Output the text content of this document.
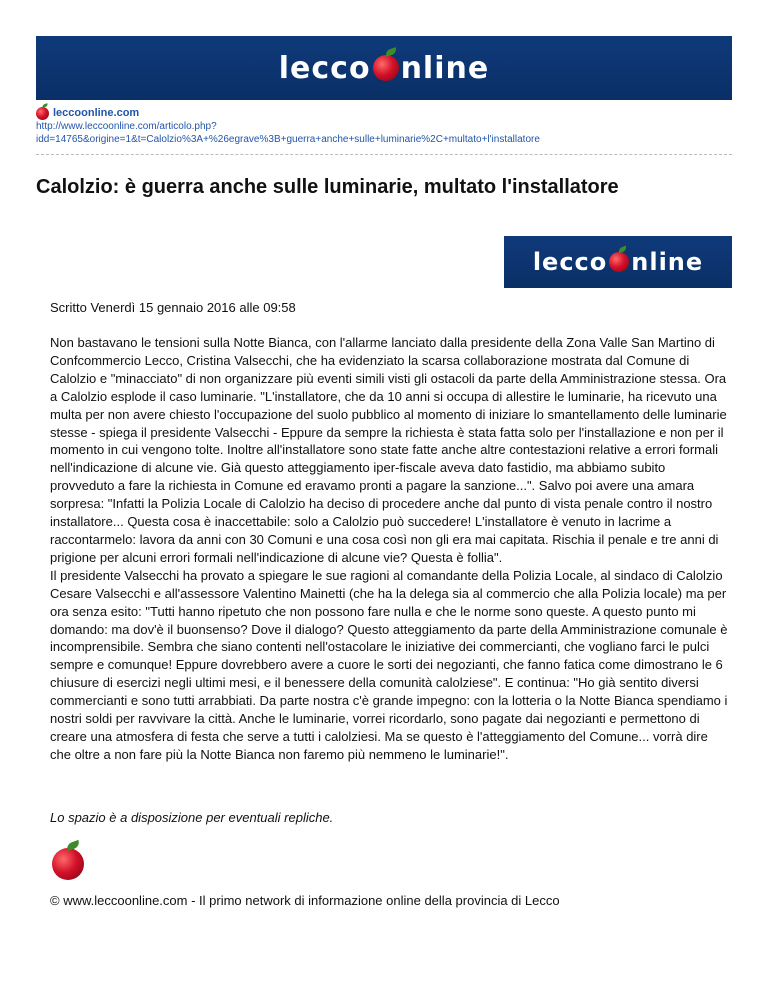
lecco nline
leccoonline.com
http://www.leccoonline.com/articolo.php?
idd=14765&origine=1&t=Calolzio%3A+%26egrave%3B+guerra+anche+sulle+luminarie%2C+multato+l'installatore
Calolzio: è guerra anche sulle luminarie, multato l'installatore
lecco nline
Scritto Venerdì 15 gennaio 2016 alle 09:58

Non bastavano le tensioni sulla Notte Bianca, con l'allarme lanciato dalla presidente della Zona Valle San Martino di Confcommercio Lecco, Cristina Valsecchi, che ha evidenziato la scarsa collaborazione mostrata dal Comune di Calolzio e "minacciato" di non organizzare più eventi simili visti gli ostacoli da parte della Amministrazione stessa. Ora a Calolzio esplode il caso luminarie. "L'installatore, che da 10 anni si occupa di allestire le luminarie, ha ricevuto una multa per non avere chiesto l'occupazione del suolo pubblico al momento di iniziare lo smantellamento delle luminarie stesse - spiega il presidente Valsecchi - Eppure da sempre la richiesta è stata fatta solo per l'installazione e non per il momento in cui vengono tolte. Inoltre all'installatore sono state fatte anche altre contestazioni relative a errori formali nell'indicazione di alcune vie. Già questo atteggiamento iper-fiscale aveva dato fastidio, ma abbiamo subito provveduto a fare la richiesta in Comune ed eravamo pronti a pagare la sanzione...". Salvo poi avere una amara sorpresa: "Infatti la Polizia Locale di Calolzio ha deciso di procedere anche dal punto di vista penale contro il nostro installatore... Questa cosa è inaccettabile: solo a Calolzio può succedere! L'installatore è venuto in lacrime a raccontarmelo: lavora da anni con 30 Comuni e una cosa così non gli era mai capitata. Rischia il penale e tre anni di prigione per alcuni errori formali nell'indicazione di alcune vie? Questa è follia".

Il presidente Valsecchi ha provato a spiegare le sue ragioni al comandante della Polizia Locale, al sindaco di Calolzio Cesare Valsecchi e all'assessore Valentino Mainetti (che ha la delega sia al commercio che alla Polizia locale) ma per ora senza esito: "Tutti hanno ripetuto che non possono fare nulla e che le norme sono queste. A questo punto mi domando: ma dov'è il buonsenso? Dove il dialogo? Questo atteggiamento da parte della Amministrazione comunale è incomprensibile. Sembra che siano contenti nell'ostacolare le iniziative dei commercianti, che vogliano farci le pulci sempre e comunque! Eppure dovrebbero avere a cuore le sorti dei negozianti, che fanno fatica come dimostrano le 6 chiusure di esercizi negli ultimi mesi, e il benessere della comunità calolziese". E continua: "Ho già sentito diversi commercianti e sono tutti arrabbiati. Da parte nostra c'è grande impegno: con la lotteria o la Notte Bianca spendiamo i nostri soldi per ravvivare la città. Anche le luminarie, vorrei ricordarlo, sono pagate dai negozianti e permettono di creare una atmosfera di festa che serve a tutti i calolziesi. Ma se questo è l'atteggiamento del Comune... vorrà dire che oltre a non fare più la Notte Bianca non faremo più nemmeno le luminarie!".

Lo spazio è a disposizione per eventuali repliche.
© www.leccoonline.com - Il primo network di informazione online della provincia di Lecco
